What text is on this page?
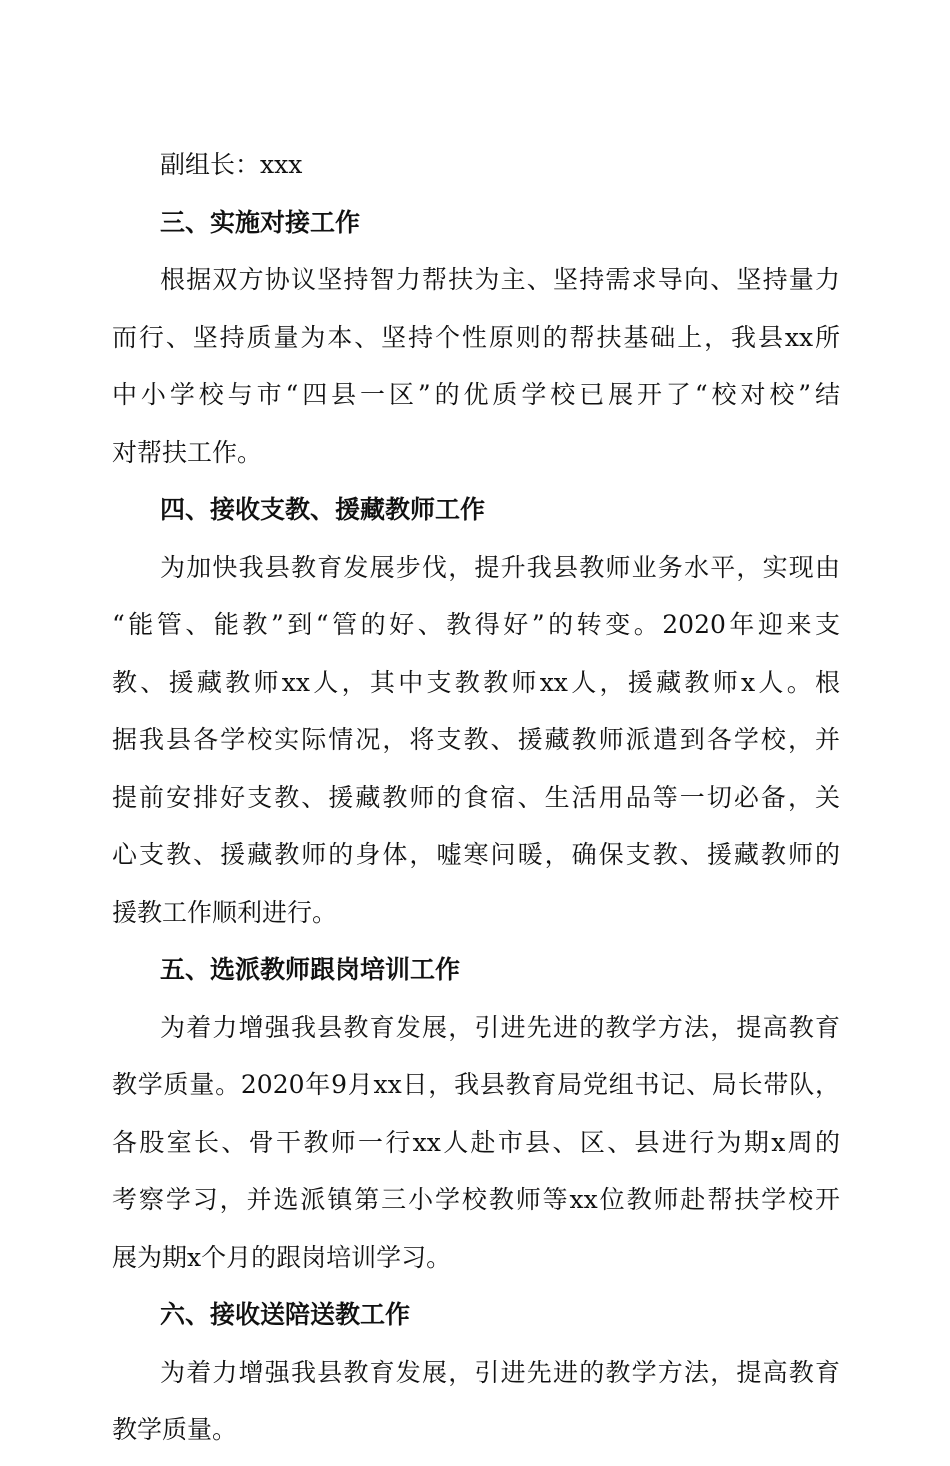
副组长：xxx
三、实施对接工作
根据双方协议坚持智力帮扶为主、坚持需求导向、坚持量力
而行、坚持质量为本、坚持个性原则的帮扶基础上，我县xx所
中小学校与市“四县一区”的优质学校已展开了“校对校”结
对帮扶工作。
四、接收支教、援藏教师工作
为加快我县教育发展步伐，提升我县教师业务水平，实现由
“能管、能教”到“管的好、教得好”的转变。2020年迎来支
教、援藏教师xx人，其中支教教师xx人，援藏教师x人。根
据我县各学校实际情况，将支教、援藏教师派遣到各学校，并
提前安排好支教、援藏教师的食宿、生活用品等一切必备，关
心支教、援藏教师的身体，嘘寒问暖，确保支教、援藏教师的
援教工作顺利进行。
五、选派教师跟岗培训工作
为着力增强我县教育发展，引进先进的教学方法，提高教育
教学质量。2020年9月xx日，我县教育局党组书记、局长带队，
各股室长、骨干教师一行xx人赴市县、区、县进行为期x周的
考察学习，并选派镇第三小学校教师等xx位教师赴帮扶学校开
展为期x个月的跟岗培训学习。
六、接收送陪送教工作
为着力增强我县教育发展，引进先进的教学方法，提高教育
教学质量。
